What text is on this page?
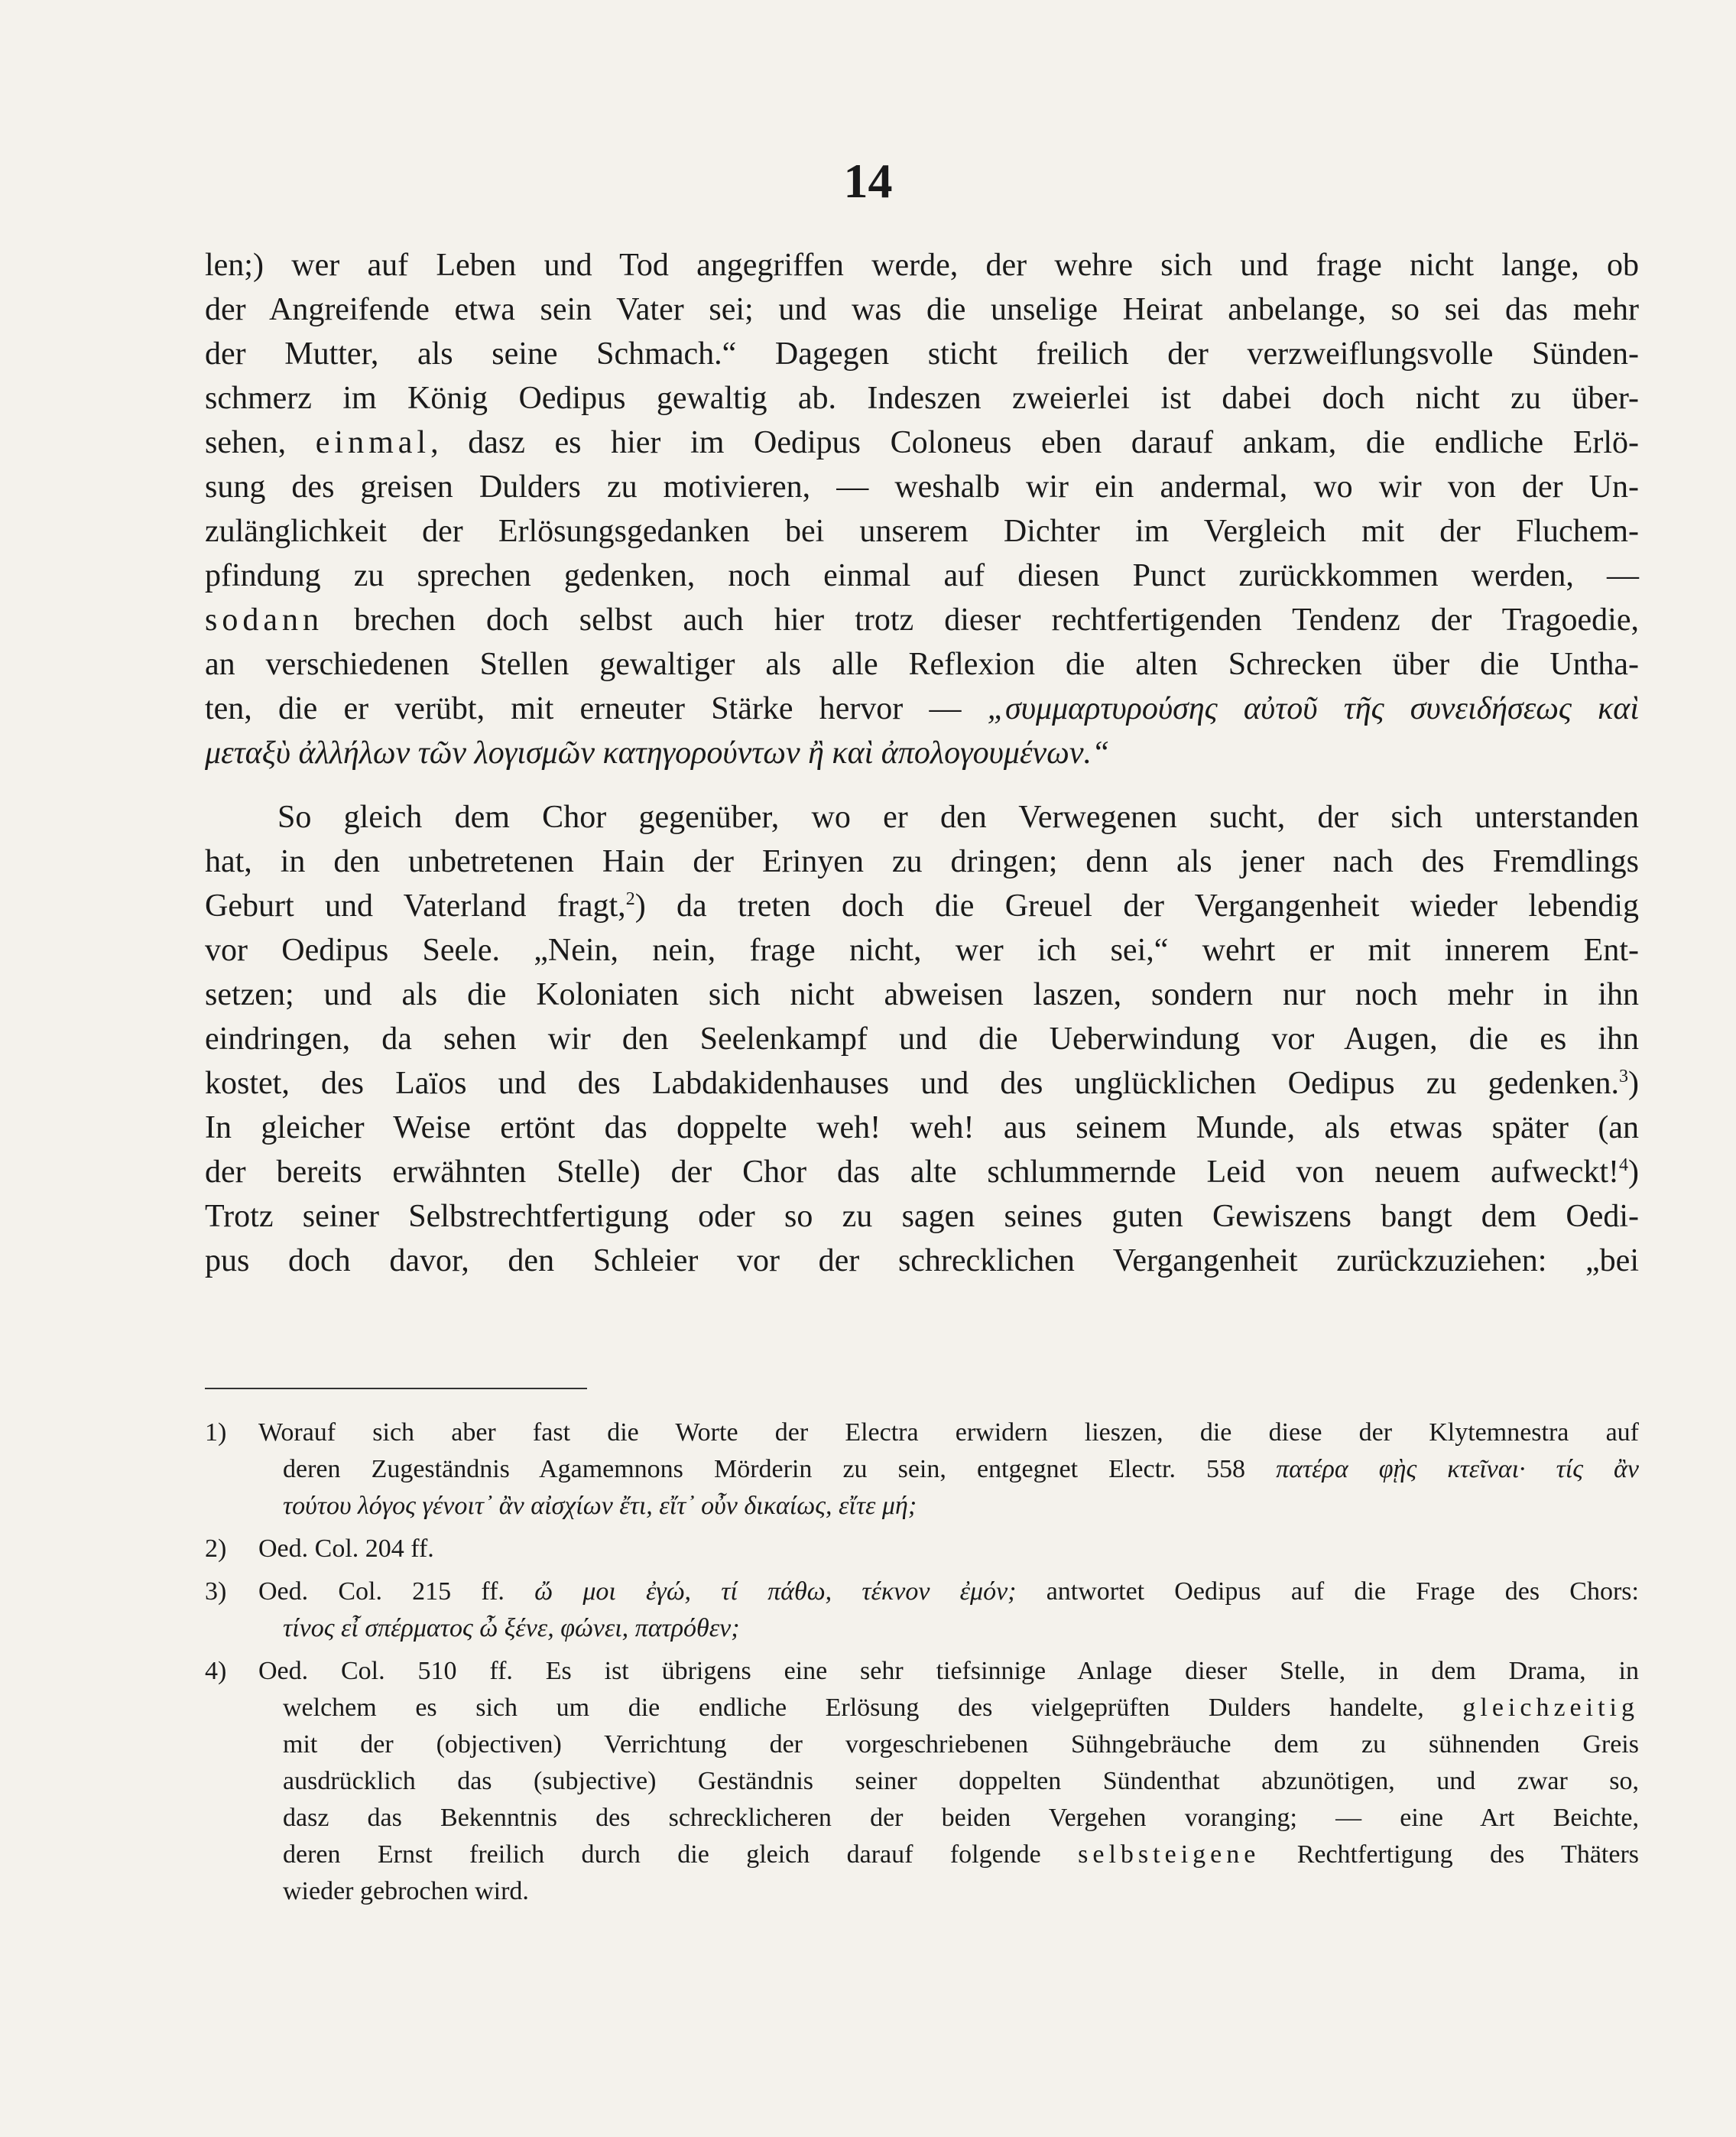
14
len;) wer auf Leben und Tod angegriffen werde, der wehre sich und frage nicht lange, ob
der Angreifende etwa sein Vater sei; und was die unselige Heirat anbelange, so sei das mehr
der Mutter, als seine Schmach.“ Dagegen sticht freilich der verzweiflungsvolle Sünden-
schmerz im König Oedipus gewaltig ab. Indeszen zweierlei ist dabei doch nicht zu über-
sehen, einmal, dasz es hier im Oedipus Coloneus eben darauf ankam, die endliche Erlö-
sung des greisen Dulders zu motivieren, — weshalb wir ein andermal, wo wir von der Un-
zulänglichkeit der Erlösungsgedanken bei unserem Dichter im Vergleich mit der Fluchem-
pfindung zu sprechen gedenken, noch einmal auf diesen Punct zurückkommen werden, —
sodann brechen doch selbst auch hier trotz dieser rechtfertigenden Tendenz der Tragoedie,
an verschiedenen Stellen gewaltiger als alle Reflexion die alten Schrecken über die Untha-
ten, die er verübt, mit erneuter Stärke hervor — „συμμαρτυρούσης αὐτοῦ τῆς συνειδήσεως καὶ
μεταξὺ ἀλλήλων τῶν λογισμῶν κατηγορούντων ἢ καὶ ἀπολογουμένων.“
So gleich dem Chor gegenüber, wo er den Verwegenen sucht, der sich unterstanden
hat, in den unbetretenen Hain der Erinyen zu dringen; denn als jener nach des Fremdlings
Geburt und Vaterland fragt,$^2$) da treten doch die Greuel der Vergangenheit wieder lebendig
vor Oedipus Seele. „Nein, nein, frage nicht, wer ich sei,“ wehrt er mit innerem Ent-
setzen; und als die Koloniaten sich nicht abweisen laszen, sondern nur noch mehr in ihn
eindringen, da sehen wir den Seelenkampf und die Ueberwindung vor Augen, die es ihn
kostet, des Laïos und des Labdakidenhauses und des unglücklichen Oedipus zu gedenken.$^3$)
In gleicher Weise ertönt das doppelte weh! weh! aus seinem Munde, als etwas später (an
der bereits erwähnten Stelle) der Chor das alte schlummernde Leid von neuem aufweckt!$^4$)
Trotz seiner Selbstrechtfertigung oder so zu sagen seines guten Gewiszens bangt dem Oedi-
pus doch davor, den Schleier vor der schrecklichen Vergangenheit zurückzuziehen: „bei
1) Worauf sich aber fast die Worte der Electra erwidern lieszen, die diese der Klytemnestra auf
deren Zugeständnis Agamemnons Mörderin zu sein, entgegnet Electr. 558 πατέρα φῂς κτεῖναι· τίς ἂν
τούτου λόγος γένοιτ᾽ ἂν αἰσχίων ἔτι, εἴτ᾽ οὖν δικαίως, εἴτε μή;
2) Oed. Col. 204 ff.
3) Oed. Col. 215 ff. ὤ μοι ἐγώ, τί πάθω, τέκνον ἐμόν; antwortet Oedipus auf die Frage des Chors:
τίνος εἶ σπέρματος ὦ ξένε, φώνει, πατρόθεν;
4) Oed. Col. 510 ff. Es ist übrigens eine sehr tiefsinnige Anlage dieser Stelle, in dem Drama, in
welchem es sich um die endliche Erlösung des vielgeprüften Dulders handelte, gleichzeitig
mit der (objectiven) Verrichtung der vorgeschriebenen Sühngebräuche dem zu sühnenden Greis
ausdrücklich das (subjective) Geständnis seiner doppelten Sündenthat abzunötigen, und zwar so,
dasz das Bekenntnis des schrecklicheren der beiden Vergehen voranging; — eine Art Beichte,
deren Ernst freilich durch die gleich darauf folgende selbsteigene Rechtfertigung des Thäters
wieder gebrochen wird.
